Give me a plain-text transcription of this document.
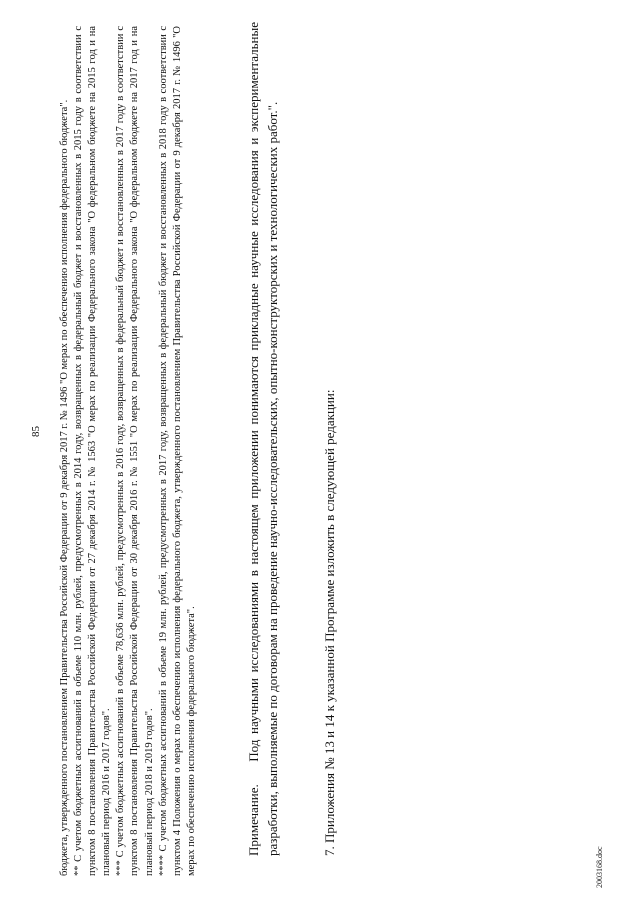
85 бюджета, утвержденного постановлением Правительства Российской Федерации от 9 декабря 2017 г. № 1496 "О мерах по обеспечению исполнения федерального бюджета". ** С учетом бюджетных ассигнований в объеме 110 млн. рублей, предусмотренных в 2014 году, возвращенных в федеральный бюджет и восстановленных в 2015 году в соответствии с пунктом 8 постановления Правительства Российской Федерации от 27 декабря 2014 г. № 1563 "О мерах по реализации Федерального закона "О федеральном бюджете на 2015 год и на плановый период 2016 и 2017 годов". *** С учетом бюджетных ассигнований в объеме 78,636 млн. рублей, предусмотренных в 2016 году, возвращенных в федеральный бюджет и восстановленных в 2017 году в соответствии с пунктом 8 постановления Правительства Российской Федерации от 30 декабря 2016 г. № 1551 "О мерах по реализации Федерального закона "О федеральном бюджете на 2017 год и на плановый период 2018 и 2019 годов". **** С учетом бюджетных ассигнований в объеме 19 млн. рублей, предусмотренных в 2017 году, возвращенных в федеральный бюджет и восстановленных в 2018 году в соответствии с пунктом 4 Положения о мерах по обеспечению исполнения федерального бюджета, утвержденного постановлением Правительства Российской Федерации от 9 декабря 2017 г. № 1496 "О мерах по обеспечению исполнения федерального бюджета".	Примечание.    Под научными исследованиями в настоящем приложении понимаются прикладные научные исследования и экспериментальные разработки, выполняемые по договорам на проведение научно-исследовательских, опытно-конструкторских и технологических работ.".	7. Приложения № 13 и 14 к указанной Программе изложить в следующей редакции:
2003168.doc
